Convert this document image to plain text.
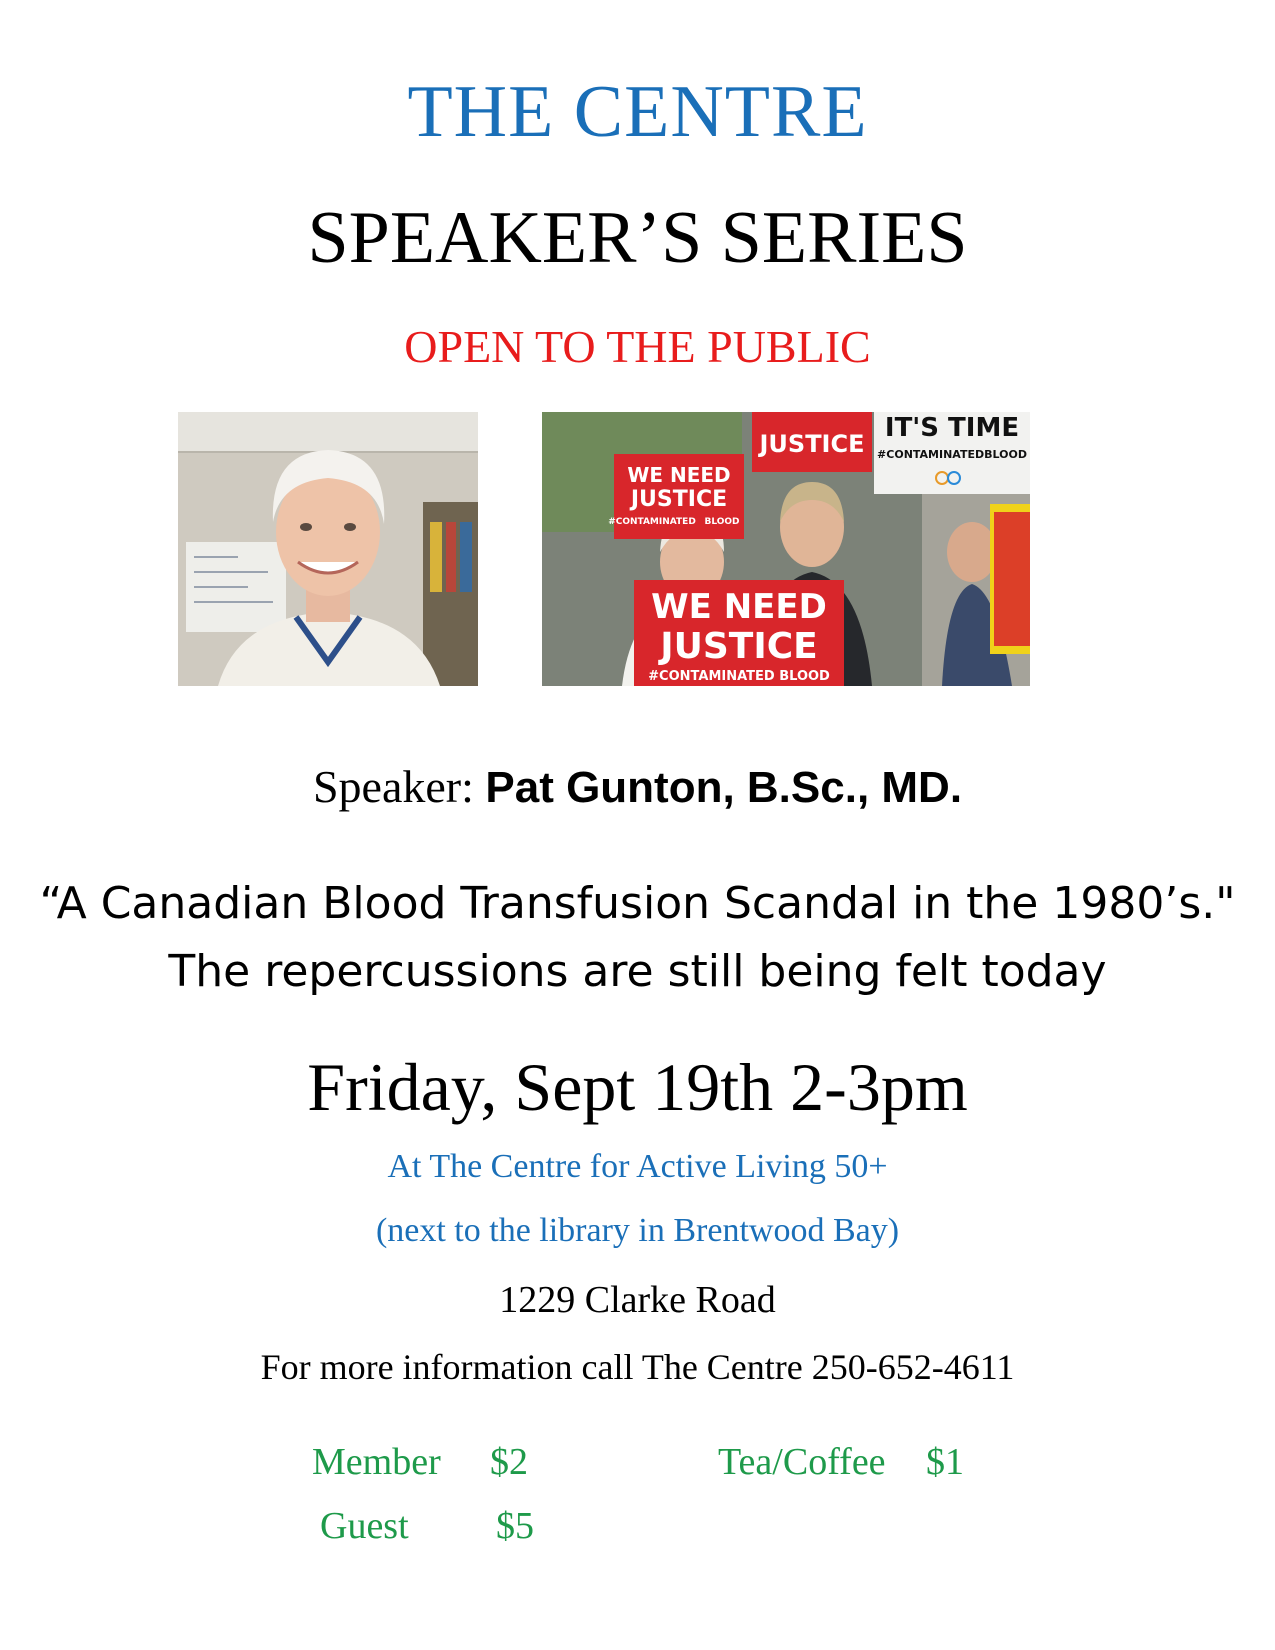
THE CENTRE
SPEAKER’S SERIES
OPEN TO THE PUBLIC
WE NEED
JUSTICE
#CONTAMINATED BLOOD
JUSTICE
IT'S TIME
#CONTAMINATEDBLOOD
WE NEED
JUSTICE
#CONTAMINATED BLOOD
Speaker: Pat Gunton, B.Sc., MD.
“A Canadian Blood Transfusion Scandal in the 1980’s."
The repercussions are still being felt today
Friday, Sept 19th 2-3pm
At The Centre for Active Living 50+
(next to the library in Brentwood Bay)
1229 Clarke Road
For more information call The Centre 250-652-4611
Member $2
Guest $5
Tea/Coffee $1
